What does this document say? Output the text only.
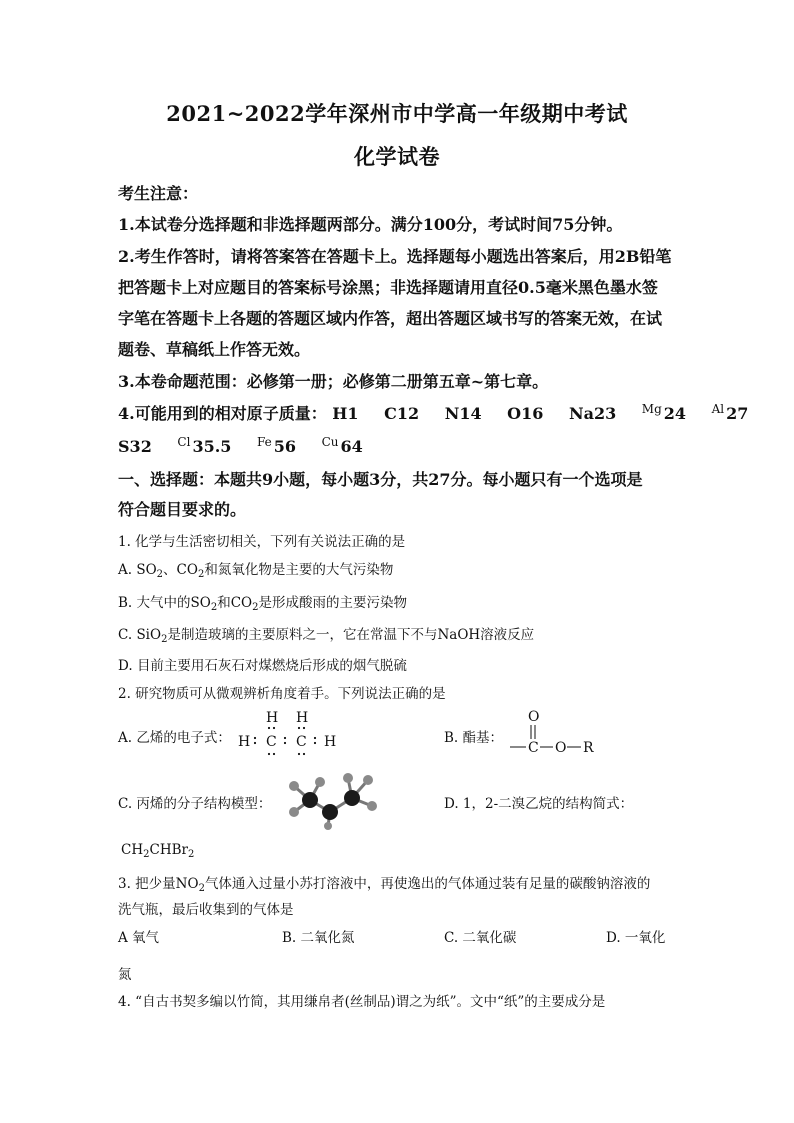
2021~2022学年深州市中学高一年级期中考试
化学试卷
考生注意：
1.本试卷分选择题和非选择题两部分。满分100分，考试时间75分钟。
2.考生作答时，请将答案答在答题卡上。选择题每小题选出答案后，用2B铅笔
把答题卡上对应题目的答案标号涂黑；非选择题请用直径0.5毫米黑色墨水签
字笔在答题卡上各题的答题区域内作答，超出答题区域书写的答案无效，在试
题卷、草稿纸上作答无效。
3.本卷命题范围：必修第一册；必修第二册第五章~第七章。
4.可能用到的相对原子质量： H1 C12 N14 O16 Na23 $^{Mg}$ 24 $^{Al}$ 27
S32 $^{Cl}$ 35.5 $^{Fe}$ 56 $^{Cu}$ 64
一、选择题：本题共9小题，每小题3分，共27分。每小题只有一个选项是
符合题目要求的。
1. 化学与生活密切相关，下列有关说法正确的是
A. $SO_2$、$CO_2$和氮氧化物是主要的大气污染物
B. 大气中的$SO_2$和$CO_2$是形成酸雨的主要污染物
C. SiO$_2$是制造玻璃的主要原料之一，它在常温下不与NaOH溶液反应
D. 目前主要用石灰石对煤燃烧后形成的烟气脱硫
2. 研究物质可从微观辨析角度着手。下列说法正确的是
A. 乙烯的电子式：
H H
H C C H	B. 酯基：
O
C O R
C. 丙烯的分子结构模型：	D. 1，2-二溴乙烷的结构简式：
$CH_2CHBr_2$
3. 把少量$NO_2$气体通入过量小苏打溶液中，再使逸出的气体通过装有足量的碳酸钠溶液的
洗气瓶，最后收集到的气体是
A 氧气	B. 二氧化氮	C. 二氧化碳	D. 一氧化
氮
4. “自古书契多编以竹简，其用缣帛者(丝制品)谓之为纸”。文中“纸”的主要成分是
